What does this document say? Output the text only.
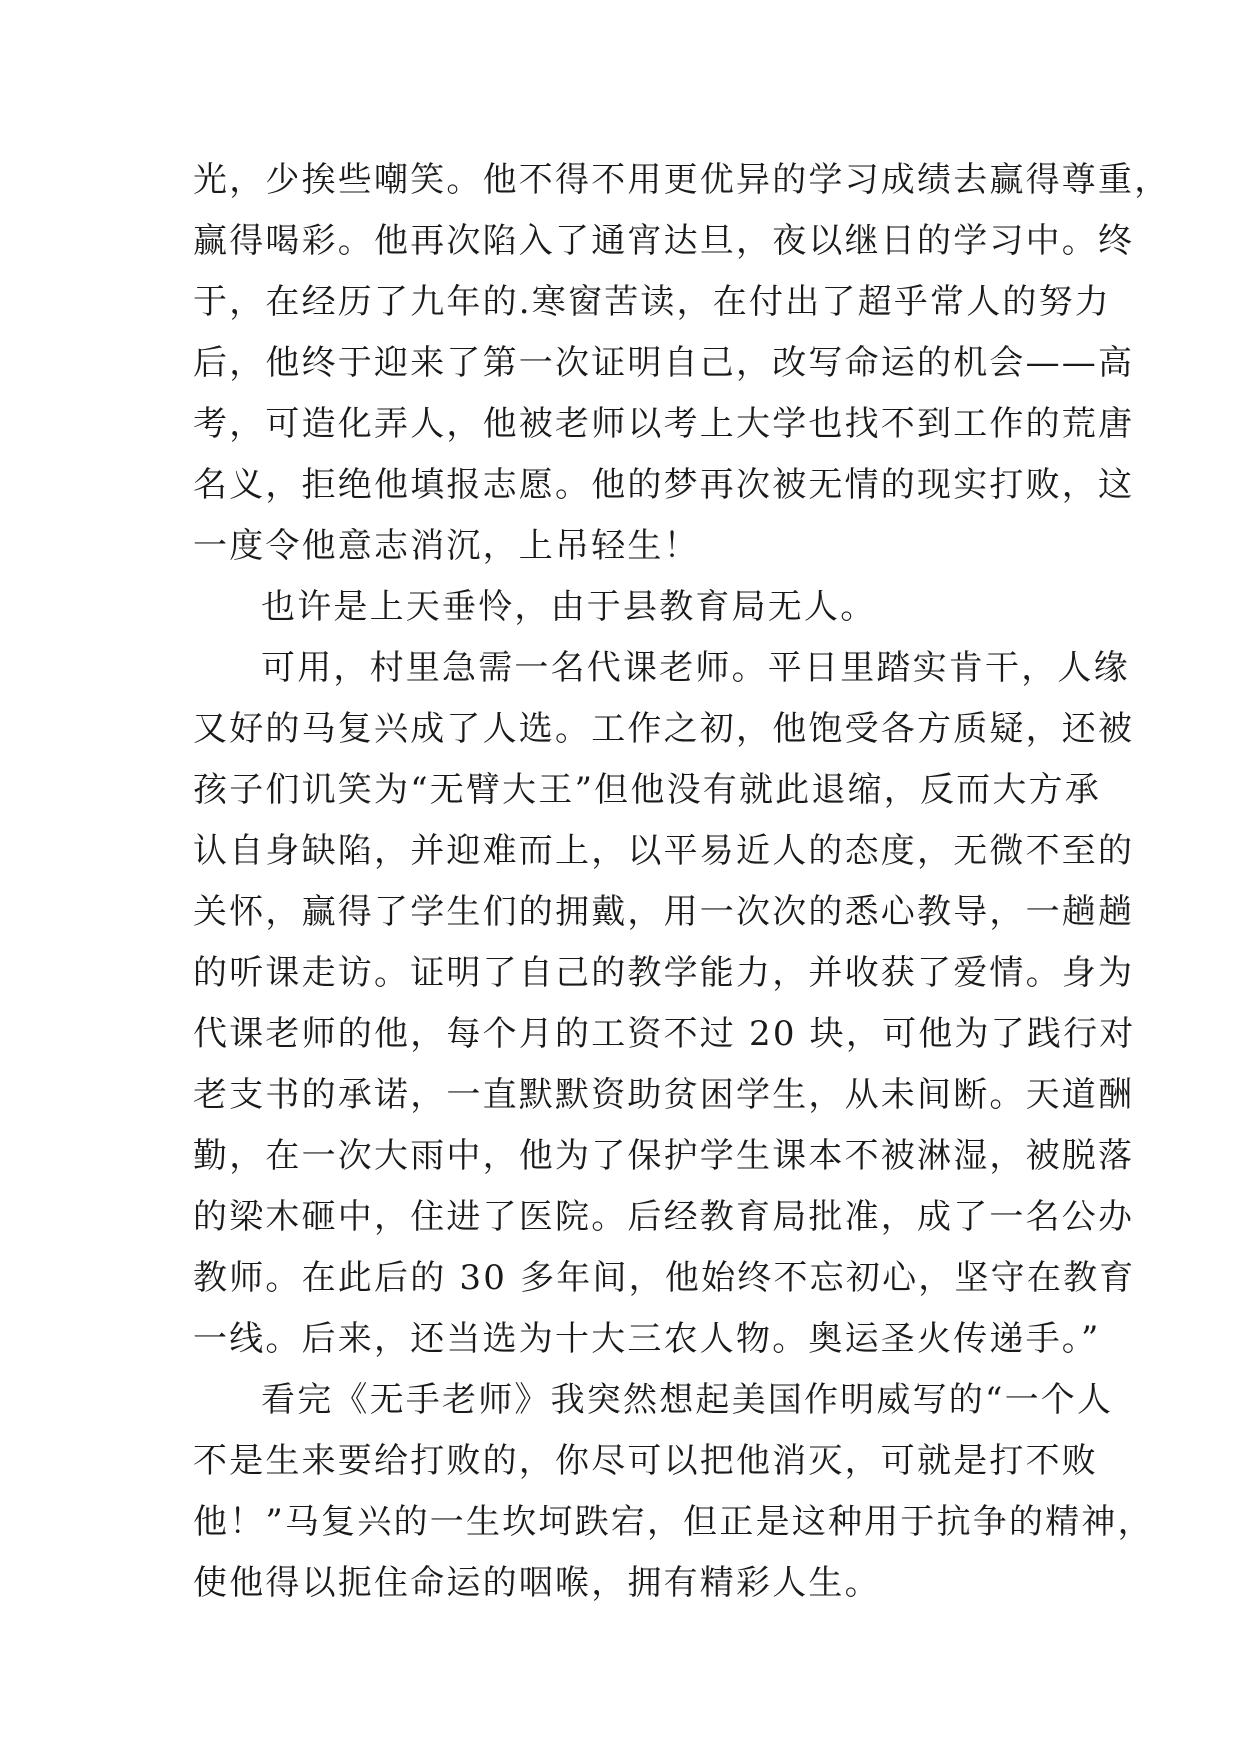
光，少挨些嘲笑。他不得不用更优异的学习成绩去赢得尊重，
赢得喝彩。他再次陷入了通宵达旦，夜以继日的学习中。终
于，在经历了九年的.寒窗苦读，在付出了超乎常人的努力
后，他终于迎来了第一次证明自己，改写命运的机会——高
考，可造化弄人，他被老师以考上大学也找不到工作的荒唐
名义，拒绝他填报志愿。他的梦再次被无情的现实打败，这
一度令他意志消沉，上吊轻生！

也许是上天垂怜，由于县教育局无人。

可用，村里急需一名代课老师。平日里踏实肯干，人缘
又好的马复兴成了人选。工作之初，他饱受各方质疑，还被
孩子们讥笑为“无臂大王”但他没有就此退缩，反而大方承
认自身缺陷，并迎难而上，以平易近人的态度，无微不至的
关怀，赢得了学生们的拥戴，用一次次的悉心教导，一趟趟
的听课走访。证明了自己的教学能力，并收获了爱情。身为
代课老师的他，每个月的工资不过 20 块，可他为了践行对
老支书的承诺，一直默默资助贫困学生，从未间断。天道酬
勤，在一次大雨中，他为了保护学生课本不被淋湿，被脱落
的梁木砸中，住进了医院。后经教育局批准，成了一名公办
教师。在此后的 30 多年间，他始终不忘初心，坚守在教育
一线。后来，还当选为十大三农人物。奥运圣火传递手。”

看完《无手老师》我突然想起美国作明威写的“一个人
不是生来要给打败的，你尽可以把他消灭，可就是打不败
他！”马复兴的一生坎坷跌宕，但正是这种用于抗争的精神，
使他得以扼住命运的咽喉，拥有精彩人生。
